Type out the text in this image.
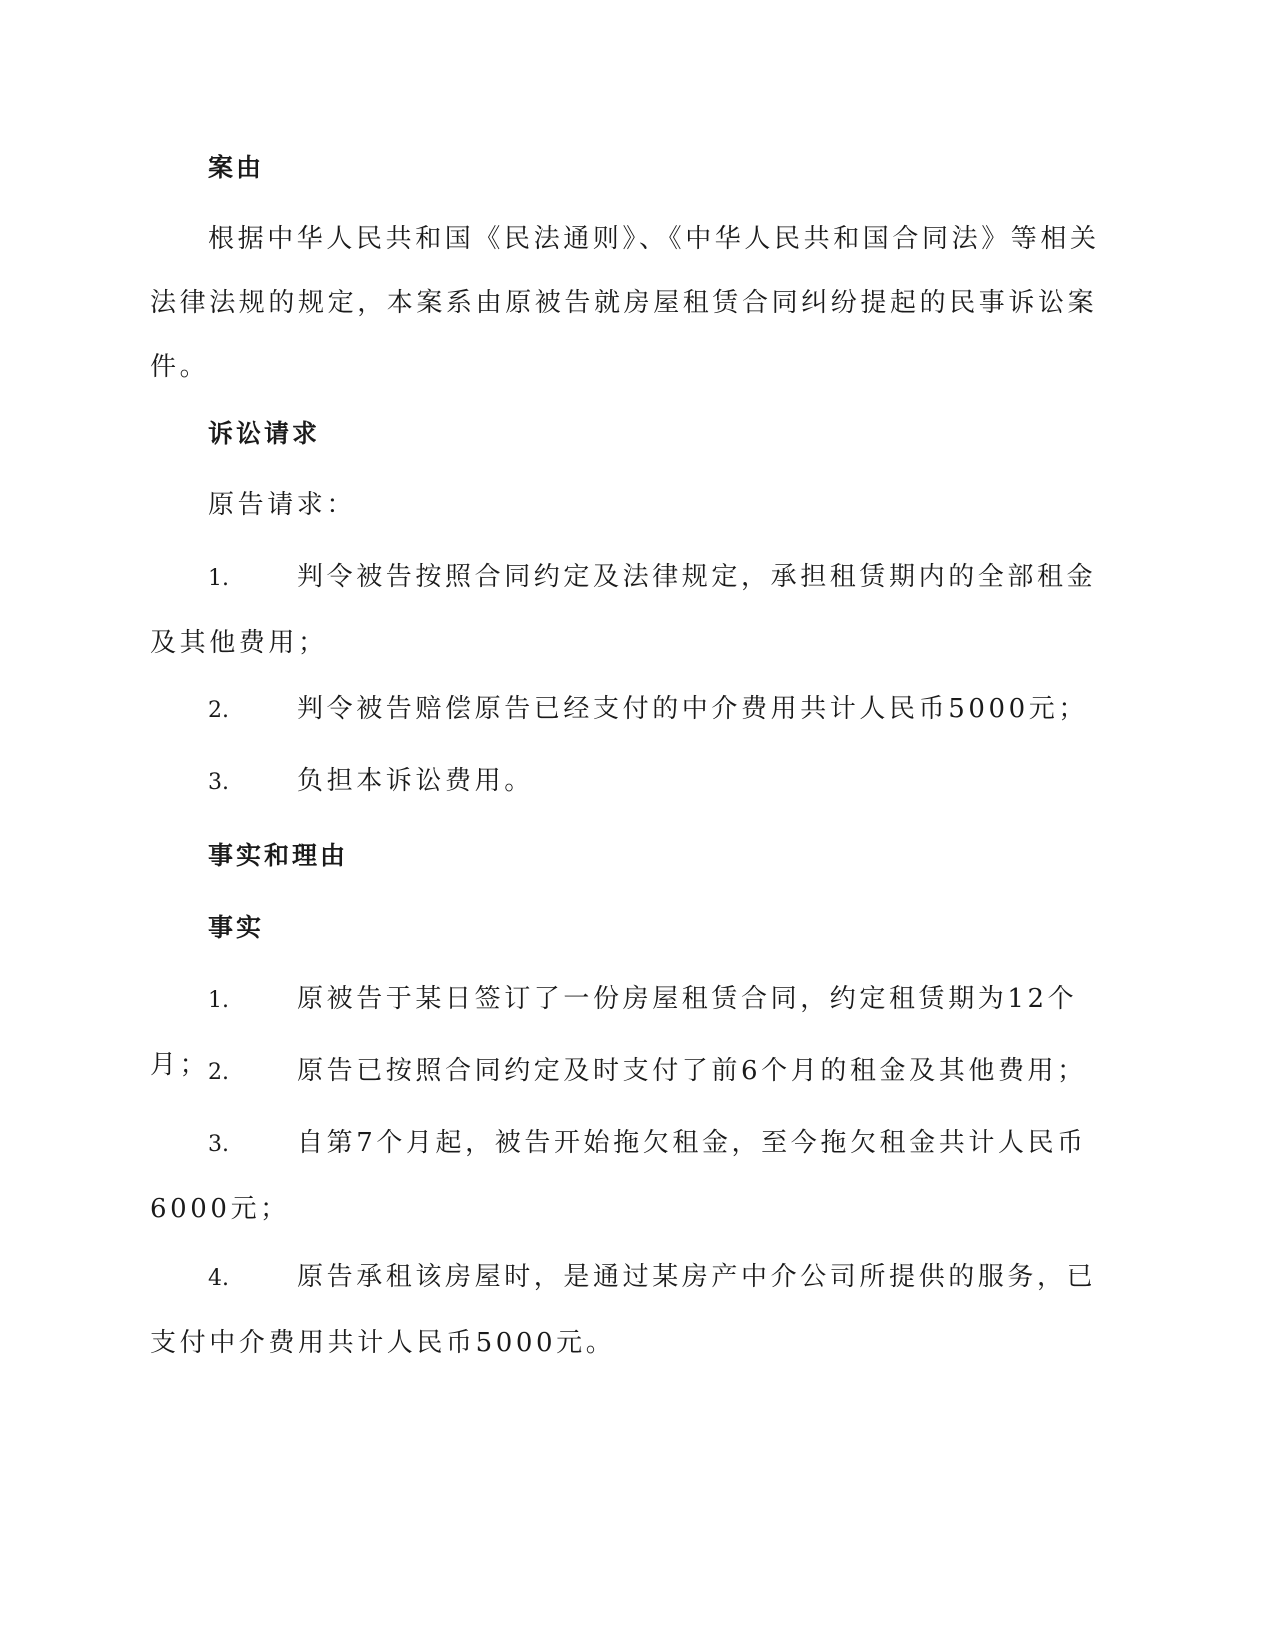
案由

根据中华人民共和国《民法通则》、《中华人民共和国合同法》等相关法律法规的规定，本案系由原被告就房屋租赁合同纠纷提起的民事诉讼案件。

诉讼请求
原告请求：

1.	判令被告按照合同约定及法律规定，承担租赁期内的全部租金及其他费用；

2.	判令被告赔偿原告已经支付的中介费用共计人民币5000元；

3.	负担本诉讼费用。

事实和理由
事实

1.	原被告于某日签订了一份房屋租赁合同，约定租赁期为12个月；

2.	原告已按照合同约定及时支付了前6个月的租金及其他费用；

3.	自第7个月起，被告开始拖欠租金，至今拖欠租金共计人民币6000元；

4.	原告承租该房屋时，是通过某房产中介公司所提供的服务，已支付中介费用共计人民币5000元。
